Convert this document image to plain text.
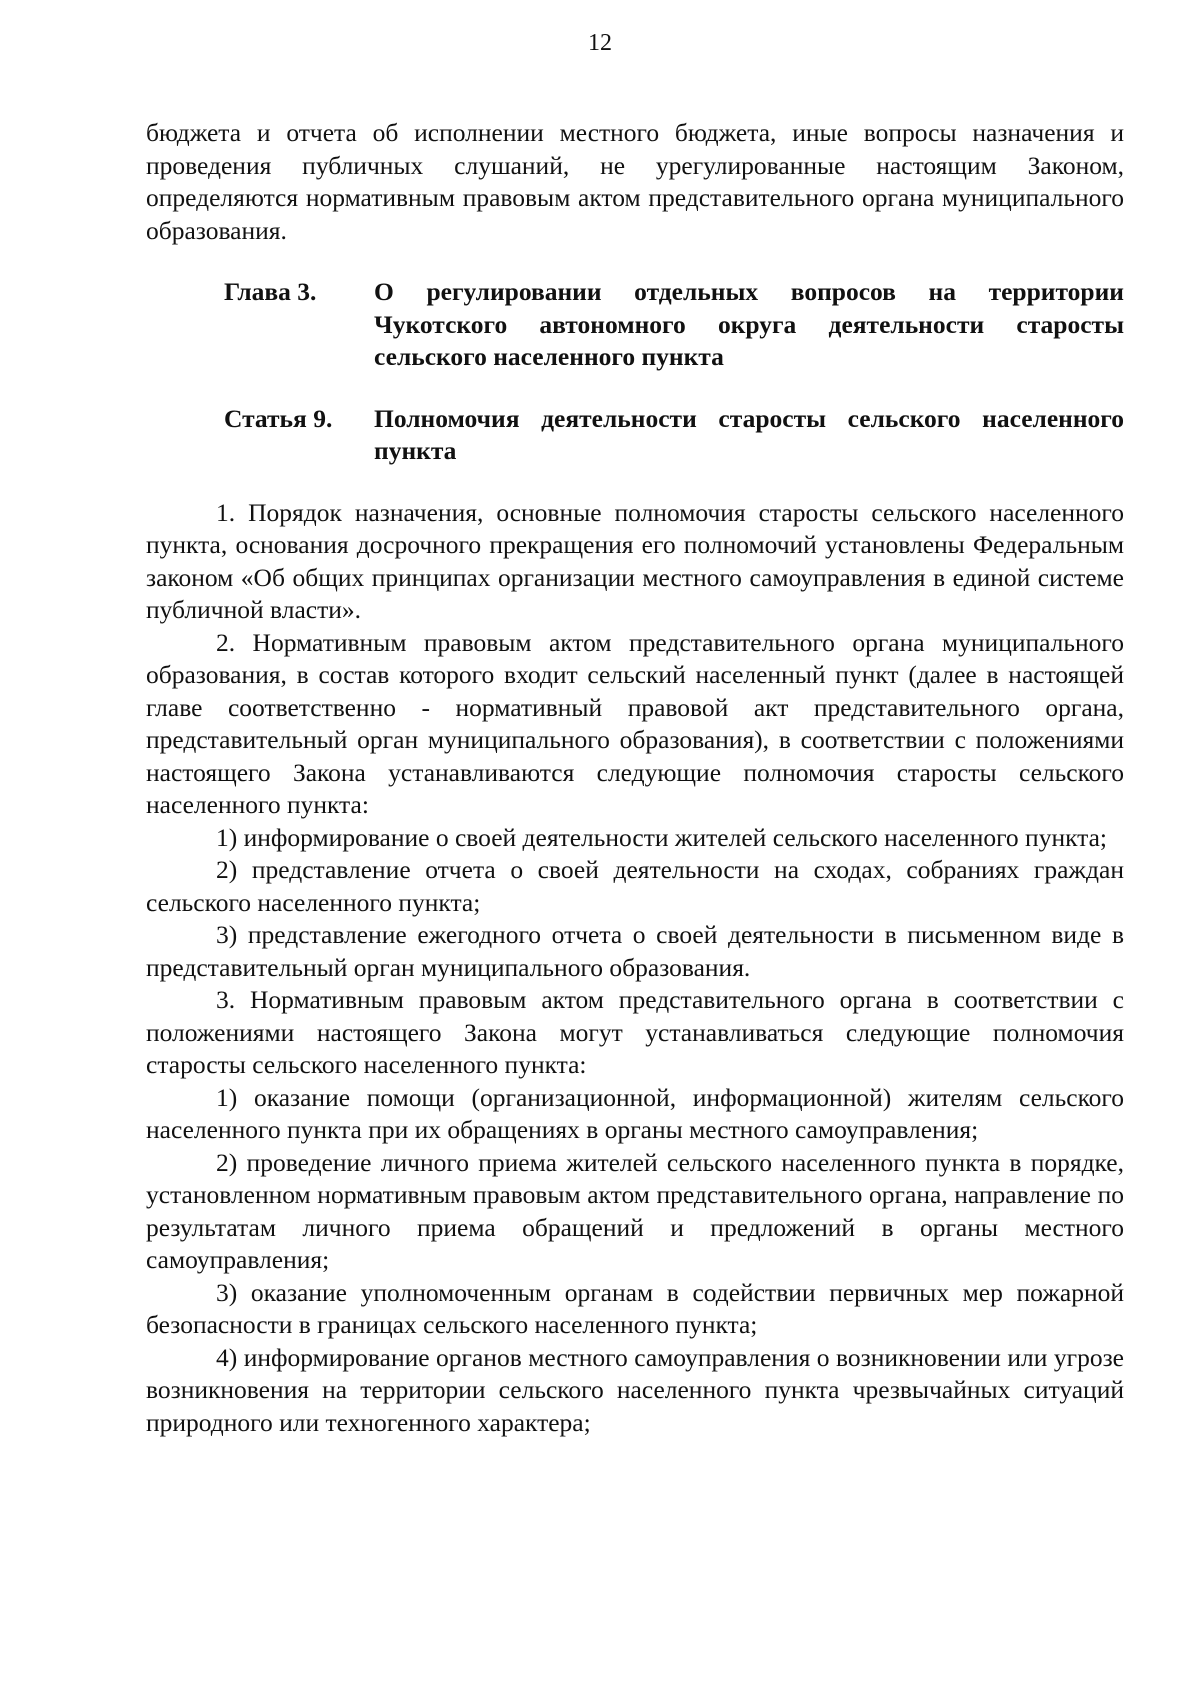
12

бюджета и отчета об исполнении местного бюджета, иные вопросы назначения и проведения публичных слушаний, не урегулированные настоящим Законом, определяются нормативным правовым актом представительного органа муниципального образования.

Глава 3.	О регулировании отдельных вопросов на территории Чукотского автономного округа деятельности старосты сельского населенного пункта
Статья 9.	Полномочия деятельности старосты сельского населенного пункта

1. Порядок назначения, основные полномочия старосты сельского населенного пункта, основания досрочного прекращения его полномочий установлены Федеральным законом «Об общих принципах организации местного самоуправления в единой системе публичной власти».

2. Нормативным правовым актом представительного органа муниципального образования, в состав которого входит сельский населенный пункт (далее в настоящей главе соответственно - нормативный правовой акт представительного органа, представительный орган муниципального образования), в соответствии с положениями настоящего Закона устанавливаются следующие полномочия старосты сельского населенного пункта:

1) информирование о своей деятельности жителей сельского населенного пункта;

2) представление отчета о своей деятельности на сходах, собраниях граждан сельского населенного пункта;

3) представление ежегодного отчета о своей деятельности в письменном виде в представительный орган муниципального образования.

3. Нормативным правовым актом представительного органа в соответствии с положениями настоящего Закона могут устанавливаться следующие полномочия старосты сельского населенного пункта:

1) оказание помощи (организационной, информационной) жителям сельского населенного пункта при их обращениях в органы местного самоуправления;

2) проведение личного приема жителей сельского населенного пункта в порядке, установленном нормативным правовым актом представительного органа, направление по результатам личного приема обращений и предложений в органы местного самоуправления;

3) оказание уполномоченным органам в содействии первичных мер пожарной безопасности в границах сельского населенного пункта;

4) информирование органов местного самоуправления о возникновении или угрозе возникновения на территории сельского населенного пункта чрезвычайных ситуаций природного или техногенного характера;
